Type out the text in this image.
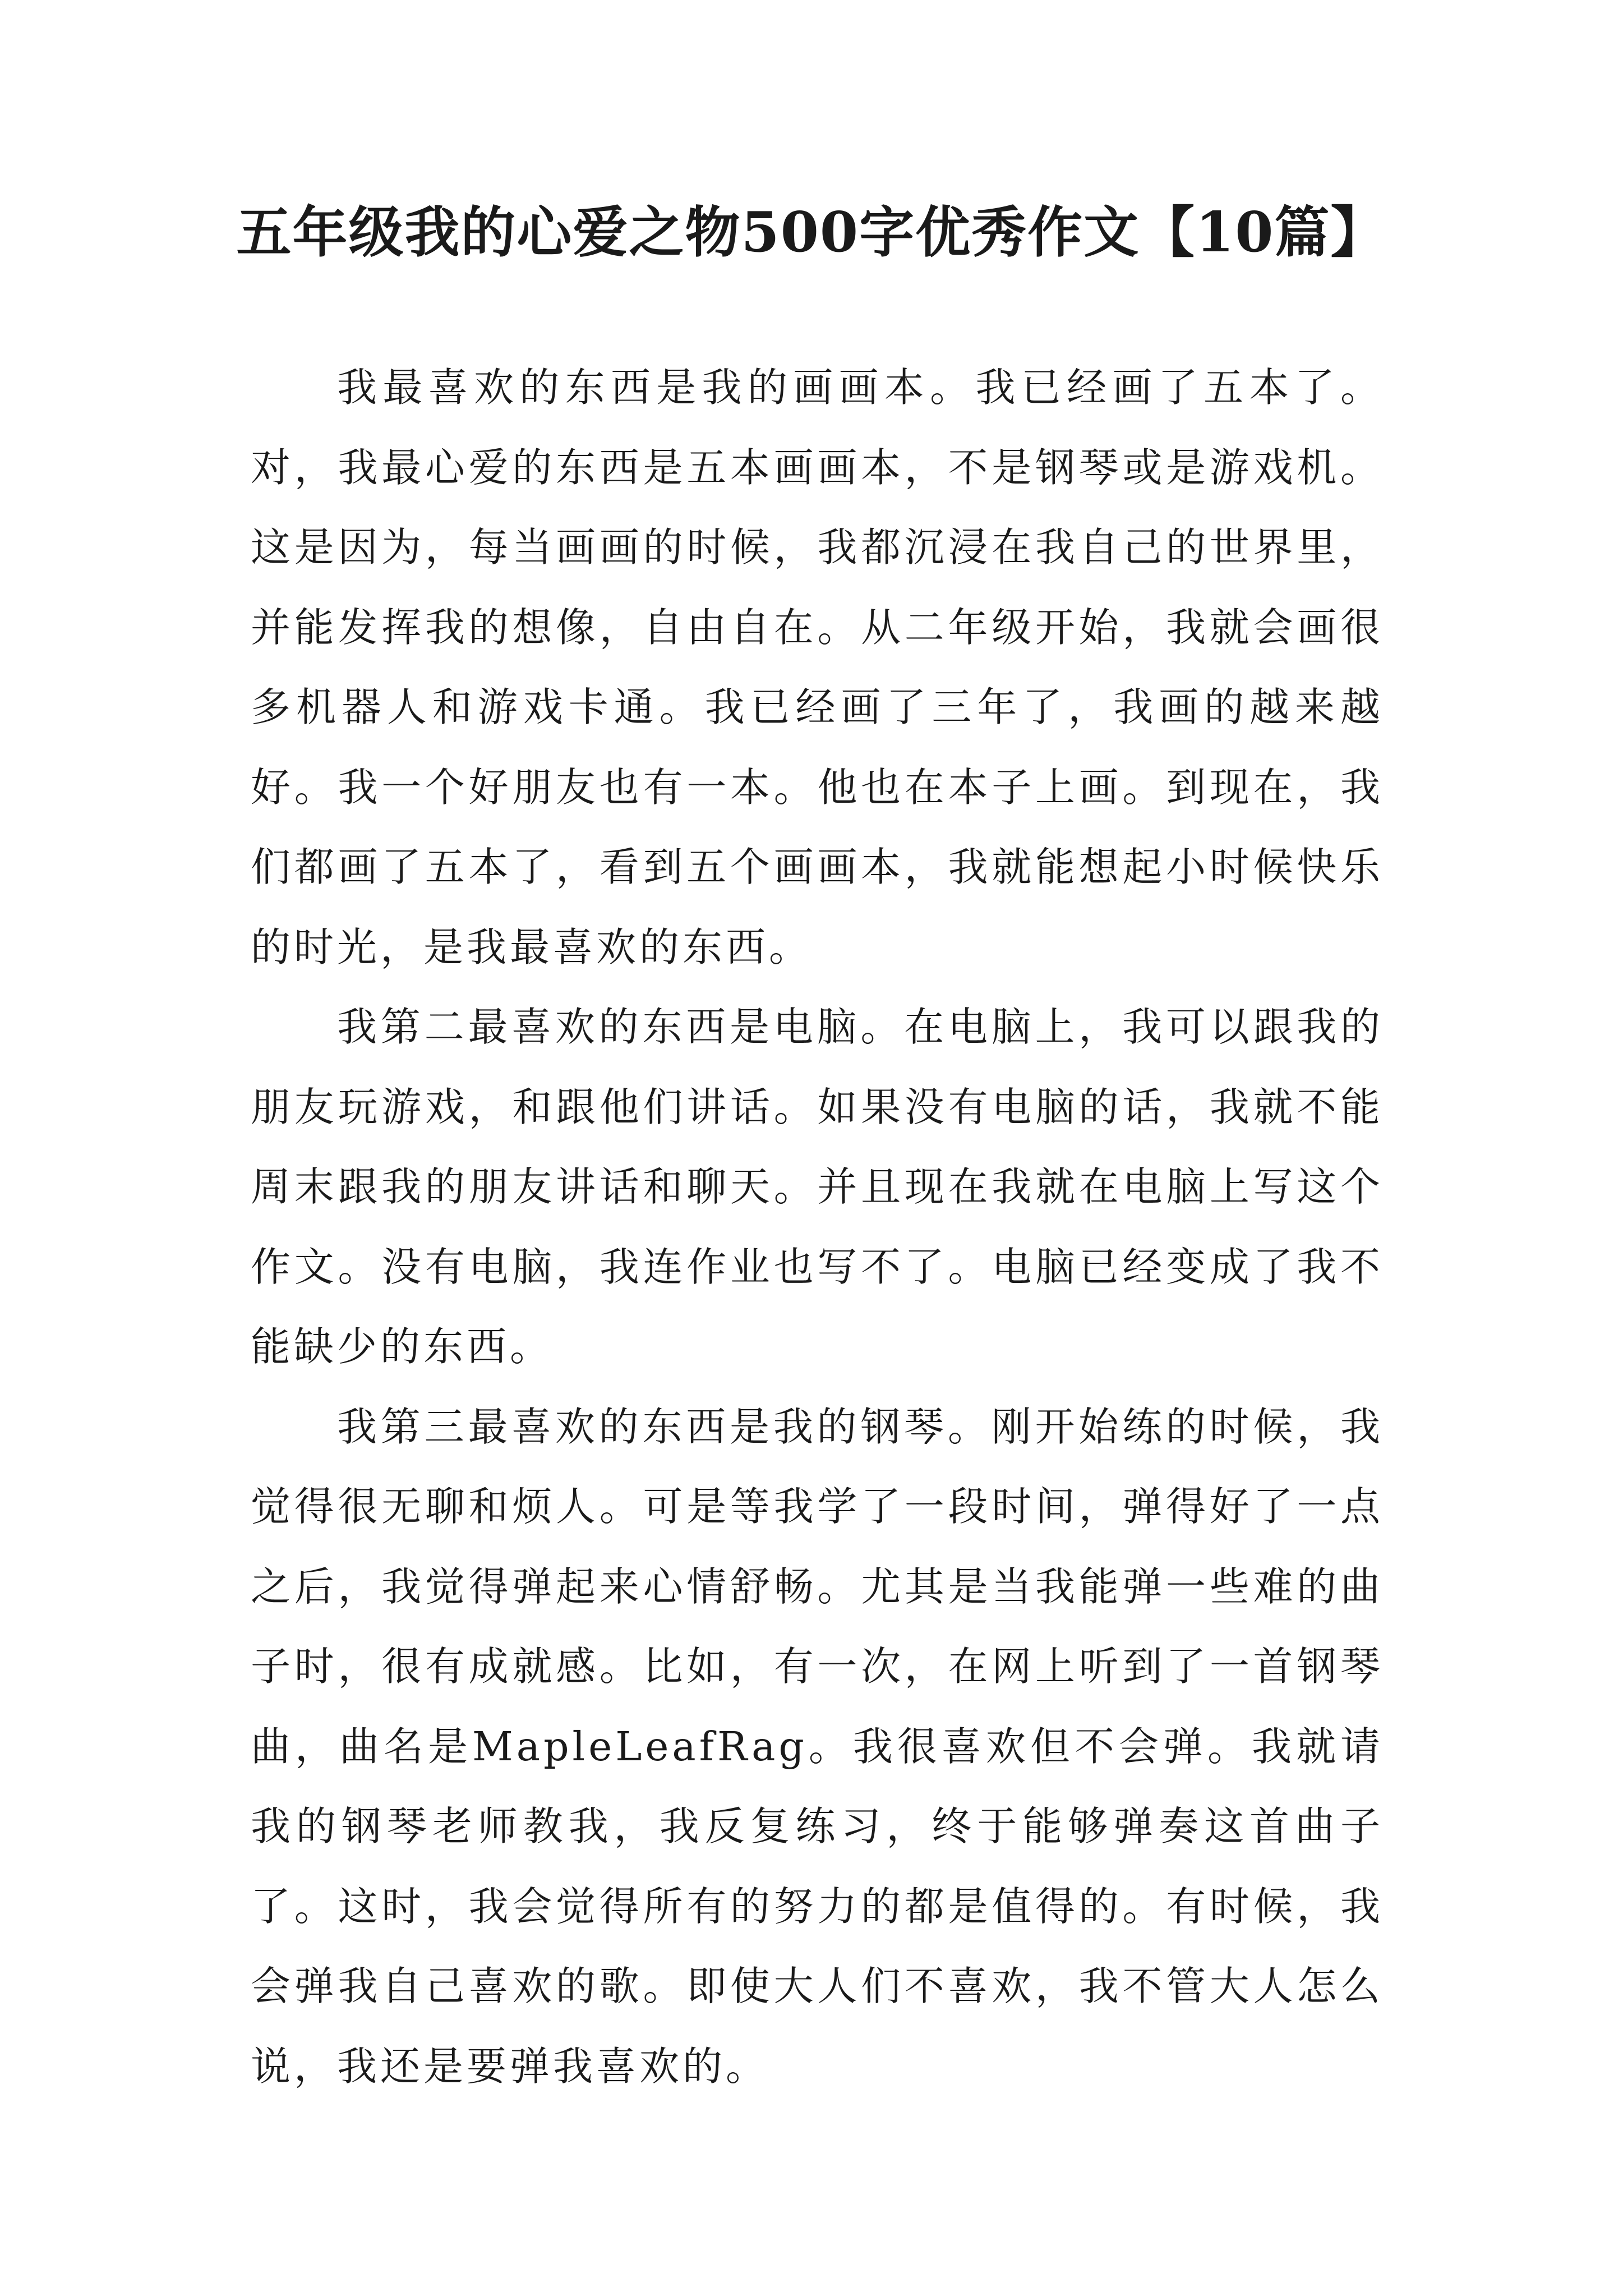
五年级我的心爱之物500字优秀作文【10篇】

我最喜欢的东西是我的画画本。我已经画了五本了。对，我最心爱的东西是五本画画本，不是钢琴或是游戏机。这是因为，每当画画的时候，我都沉浸在我自己的世界里，并能发挥我的想像，自由自在。从二年级开始，我就会画很多机器人和游戏卡通。我已经画了三年了，我画的越来越好。我一个好朋友也有一本。他也在本子上画。到现在，我们都画了五本了，看到五个画画本，我就能想起小时候快乐的时光，是我最喜欢的东西。

我第二最喜欢的东西是电脑。在电脑上，我可以跟我的朋友玩游戏，和跟他们讲话。如果没有电脑的话，我就不能周末跟我的朋友讲话和聊天。并且现在我就在电脑上写这个作文。没有电脑，我连作业也写不了。电脑已经变成了我不能缺少的东西。

我第三最喜欢的东西是我的钢琴。刚开始练的时候，我觉得很无聊和烦人。可是等我学了一段时间，弹得好了一点之后，我觉得弹起来心情舒畅。尤其是当我能弹一些难的曲子时，很有成就感。比如，有一次，在网上听到了一首钢琴曲，曲名是MapleLeafRag。我很喜欢但不会弹。我就请我的钢琴老师教我，我反复练习，终于能够弹奏这首曲子了。这时，我会觉得所有的努力的都是值得的。有时候，我会弹我自己喜欢的歌。即使大人们不喜欢，我不管大人怎么说，我还是要弹我喜欢的。
